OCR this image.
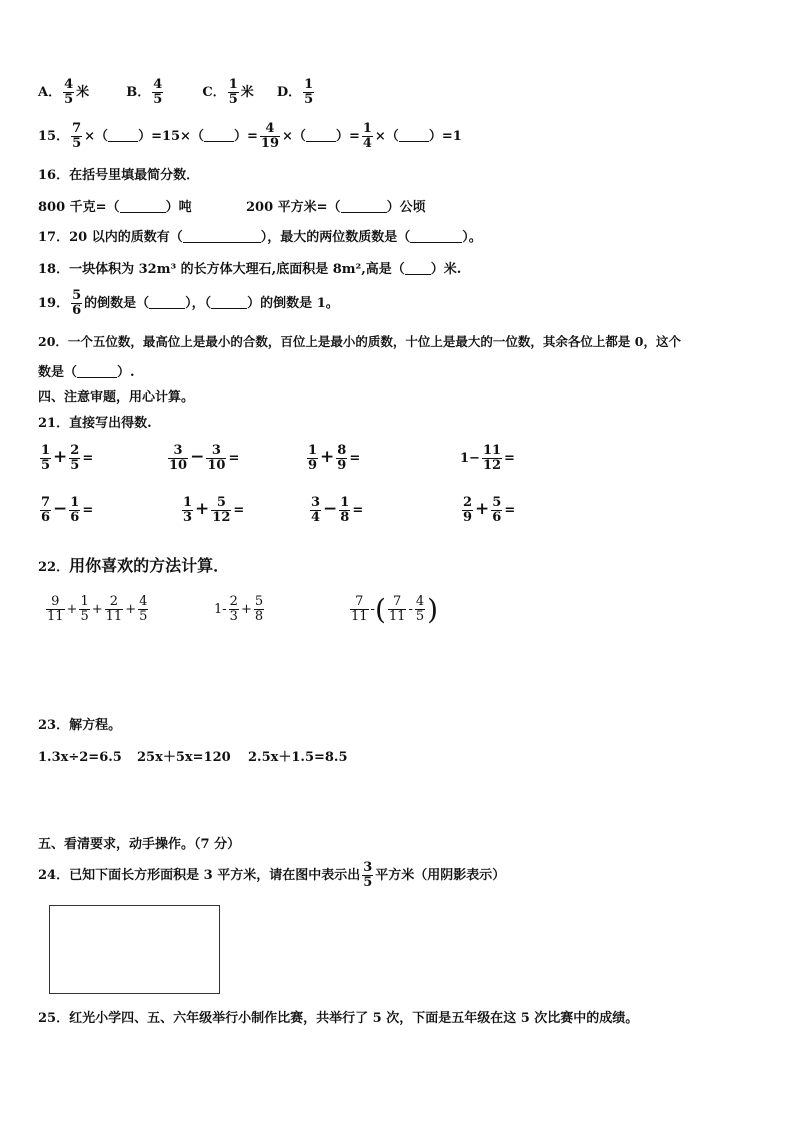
A． $\frac{4}{5}$ 米	B． $\frac{4}{5}$	C． $\frac{1}{5}$ 米 D． $\frac{1}{5}$
15． $\frac{7}{5}$ ×（ ）=15×（ ）= $\frac{4}{19}$ ×（ ）= $\frac{1}{4}$ ×（ ）=1
16．在括号里填最简分数．
800 千克=（	）吨	200 平方米=（	）公顷
17．20 以内的质数有（	），最大的两位数质数是（	）。
18．一块体积为 32m³ 的长方体大理石,底面积是 8m²,高是（ ）米.
19． $\frac{5}{6}$ 的倒数是（	），（	）的倒数是 1。
20．一个五位数，最高位上是最小的合数，百位上是最小的质数，十位上是最大的一位数，其余各位上都是 0，这个
数是（	）.
四、注意审题，用心计算。
21．直接写出得数.
$\frac{1}{5} + \frac{2}{5}$ =	$\frac{3}{10} - \frac{3}{10}$ =	$\frac{1}{9} + \frac{8}{9}$ =	$1- \frac{11}{12}$ =
$\frac{7}{6} - \frac{1}{6}$ =	$\frac{1}{3} + \frac{5}{12}$ =	$\frac{3}{4} - \frac{1}{8}$ =	$\frac{2}{9} + \frac{5}{6}$ =
22．用你喜欢的方法计算．
$\frac{9}{11} + \frac{1}{5} + \frac{2}{11} + \frac{4}{5}$	$1- \frac{2}{3} + \frac{5}{8}$	$\frac{7}{11}$ -( $\frac{7}{11} - \frac{4}{5}$ )
23．解方程。
1.3x÷2=6.5 25x＋5x=120 2.5x＋1.5=8.5
五、看清要求，动手操作。（7 分）
24．已知下面长方形面积是 3 平方米，请在图中表示出 $\frac{3}{5}$ 平方米（用阴影表示）
25．红光小学四、五、六年级举行小制作比赛，共举行了 5 次，下面是五年级在这 5 次比赛中的成绩。
